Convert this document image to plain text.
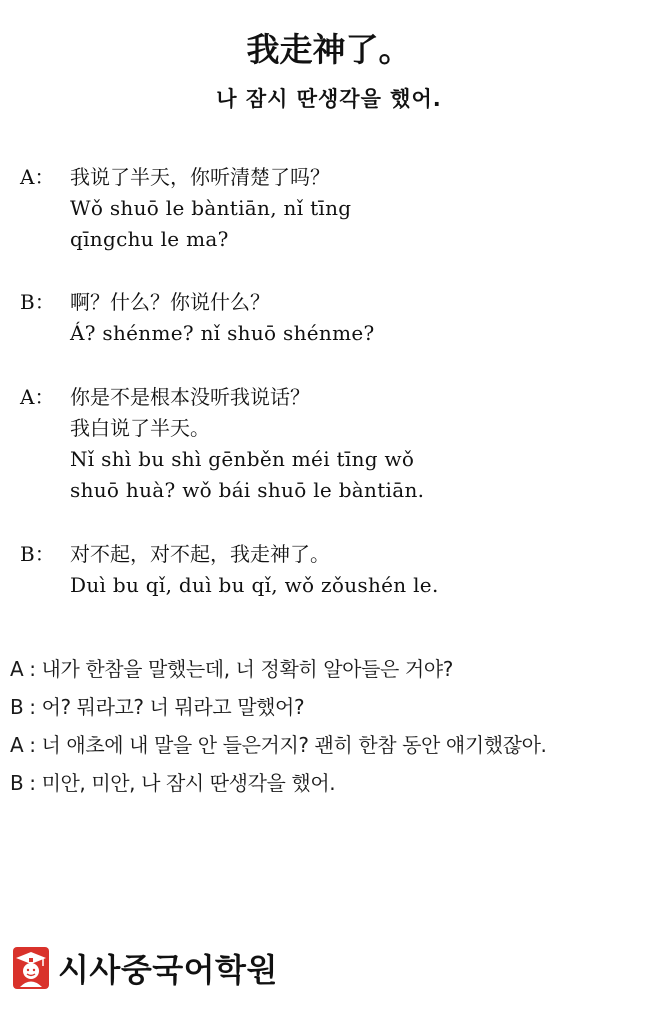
我走神了。
나 잠시 딴생각을 했어.
A： 我说了半天，你听清楚了吗？
Wǒ shuō le bàntiān, nǐ tīng
qīngchu le ma?
B： 啊？什么？你说什么？
Á? shénme? nǐ shuō shénme?
A： 你是不是根本没听我说话？
我白说了半天。
Nǐ shì bu shì gēnběn méi tīng wǒ
shuō huà? wǒ bái shuō le bàntiān.
B： 对不起，对不起，我走神了。
Duì bu qǐ, duì bu qǐ, wǒ zǒushén le.
A : 내가 한참을 말했는데, 너 정확히 알아들은 거야?
B : 어? 뭐라고? 너 뭐라고 말했어?
A : 너 애초에 내 말을 안 들은거지? 괜히 한참 동안 얘기했잖아.
B : 미안, 미안, 나 잠시 딴생각을 했어.
시사중국어학원
